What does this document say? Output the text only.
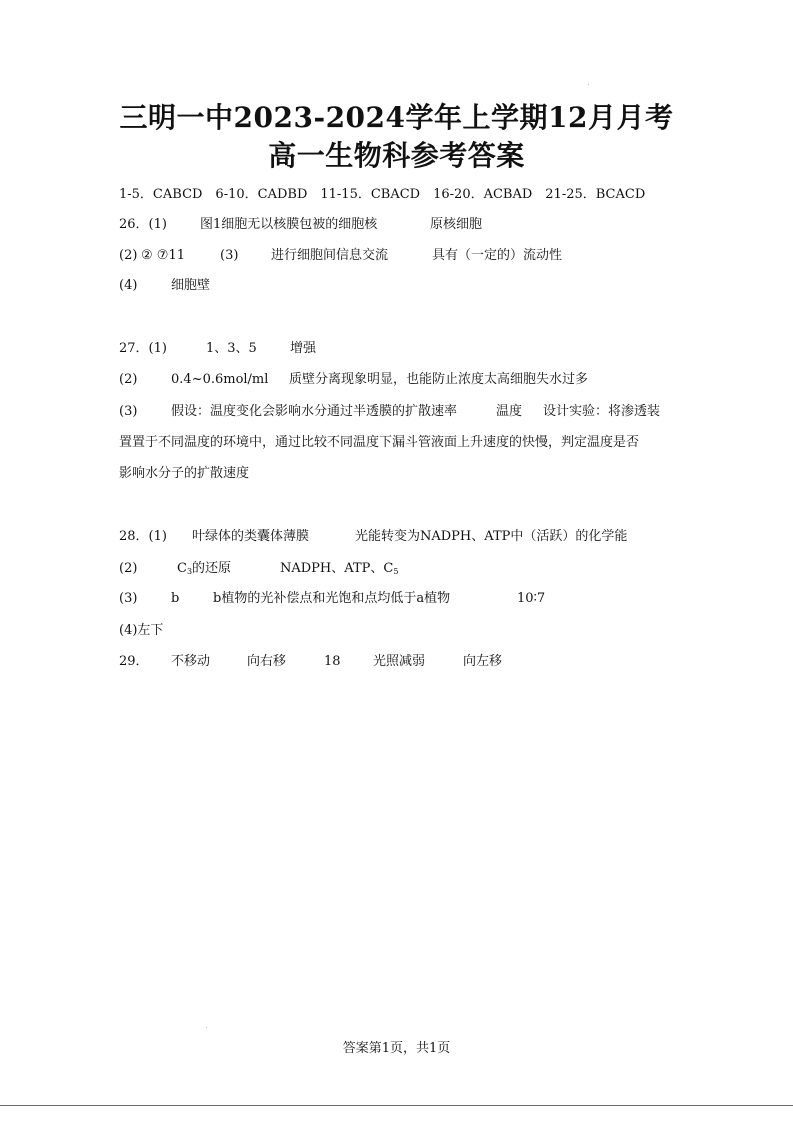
三明一中2023-2024学年上学期12月月考
高一生物科参考答案
1-5．CABCD　6-10．CADBD　11-15．CBACD　16-20．ACBAD　21-25．BCACD
26．(1)	图1细胞无以核膜包被的细胞核	原核细胞
(2) ② ⑦11	(3)	进行细胞间信息交流	具有（一定的）流动性
(4)	细胞壁
27．(1)	1、3、5	增强
(2)	0.4~0.6mol/ml 质壁分离现象明显，也能防止浓度太高细胞失水过多
(3)	假设：温度变化会影响水分通过半透膜的扩散速率	温度 设计实验：将渗透装
置置于不同温度的环境中，通过比较不同温度下漏斗管液面上升速度的快慢，判定温度是否
影响水分子的扩散速度
28．(1) 叶绿体的类囊体薄膜	光能转变为NADPH、ATP中（活跃）的化学能
(2)	$C_3$的还原	NADPH、ATP、$C_5$
(3)	b	b植物的光补偿点和光饱和点均低于a植物	10∶7
(4)左下
29． 不移动	向右移	18 光照减弱	向左移
答案第1页，共1页
